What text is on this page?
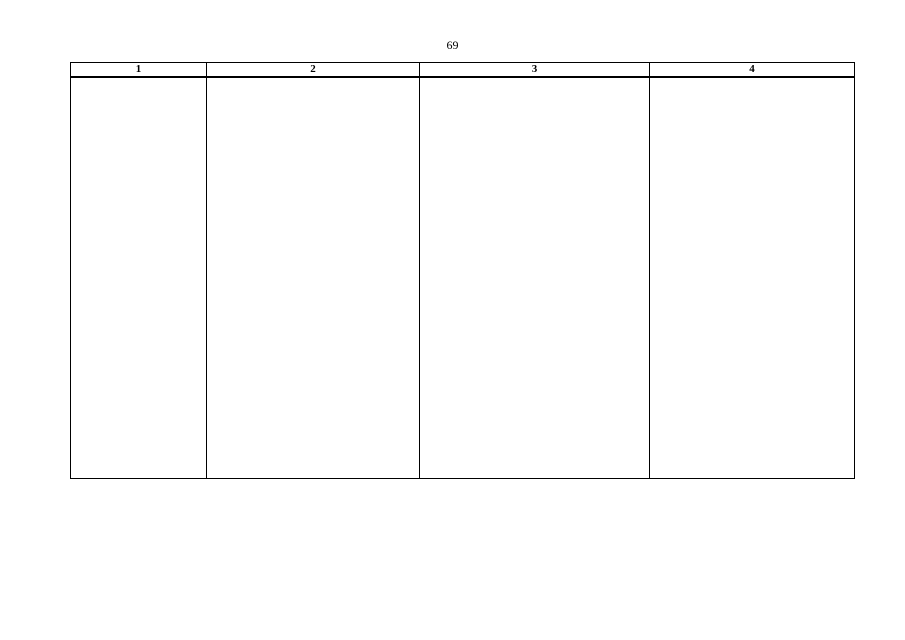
69
1	2	3	4
